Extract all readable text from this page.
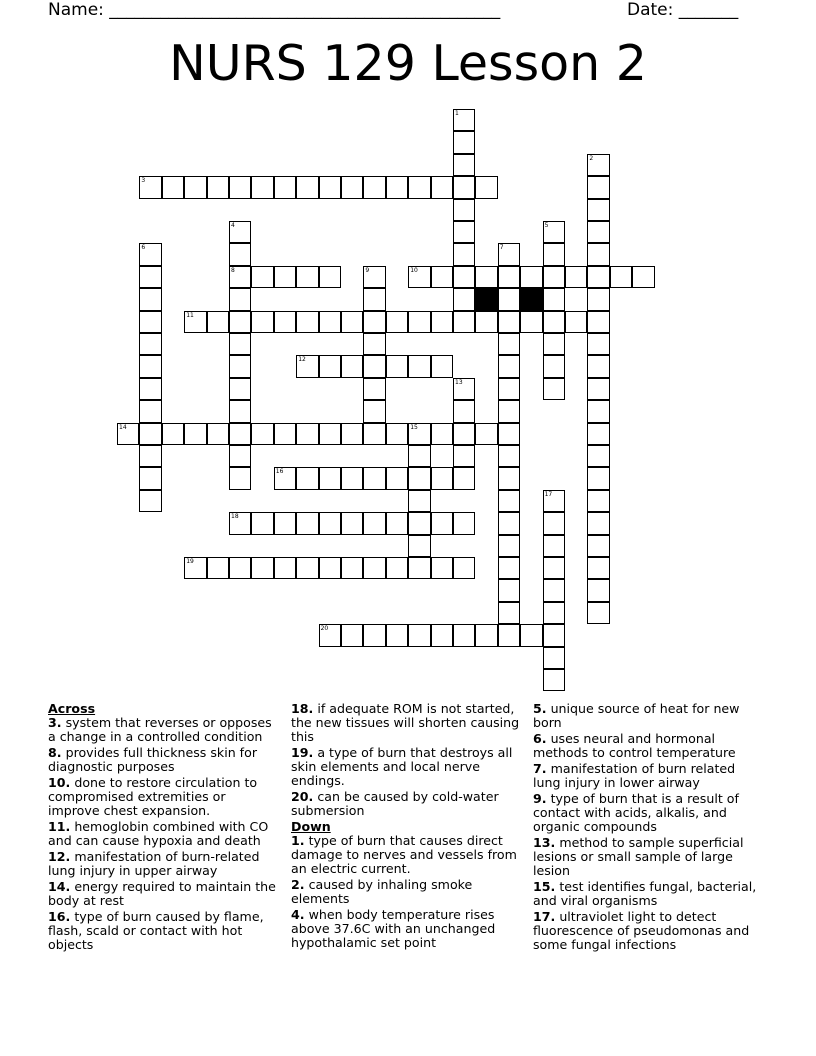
Name: ______________________________________________	Date: _______
NURS 129 Lesson 2
3
8	10
11
12
14	15
16
18
19
20
1
2
4	5
6	7
9
13
17
Across
3. system that reverses or opposes a change in a controlled condition
8. provides full thickness skin for diagnostic purposes
10. done to restore circulation to compromised extremities or improve chest expansion.
11. hemoglobin combined with CO and can cause hypoxia and death
12. manifestation of burn-related lung injury in upper airway
14. energy required to maintain the body at rest
16. type of burn caused by flame, flash, scald or contact with hot objects
18. if adequate ROM is not started, the new tissues will shorten causing this
19. a type of burn that destroys all skin elements and local nerve endings.
20. can be caused by cold-water submersion
Down
1. type of burn that causes direct damage to nerves and vessels from an electric current.
2. caused by inhaling smoke elements
4. when body temperature rises above 37.6C with an unchanged hypothalamic set point
5. unique source of heat for new born
6. uses neural and hormonal methods to control temperature
7. manifestation of burn related lung injury in lower airway
9. type of burn that is a result of contact with acids, alkalis, and organic compounds
13. method to sample superficial lesions or small sample of large lesion
15. test identifies fungal, bacterial, and viral organisms
17. ultraviolet light to detect fluorescence of pseudomonas and some fungal infections
